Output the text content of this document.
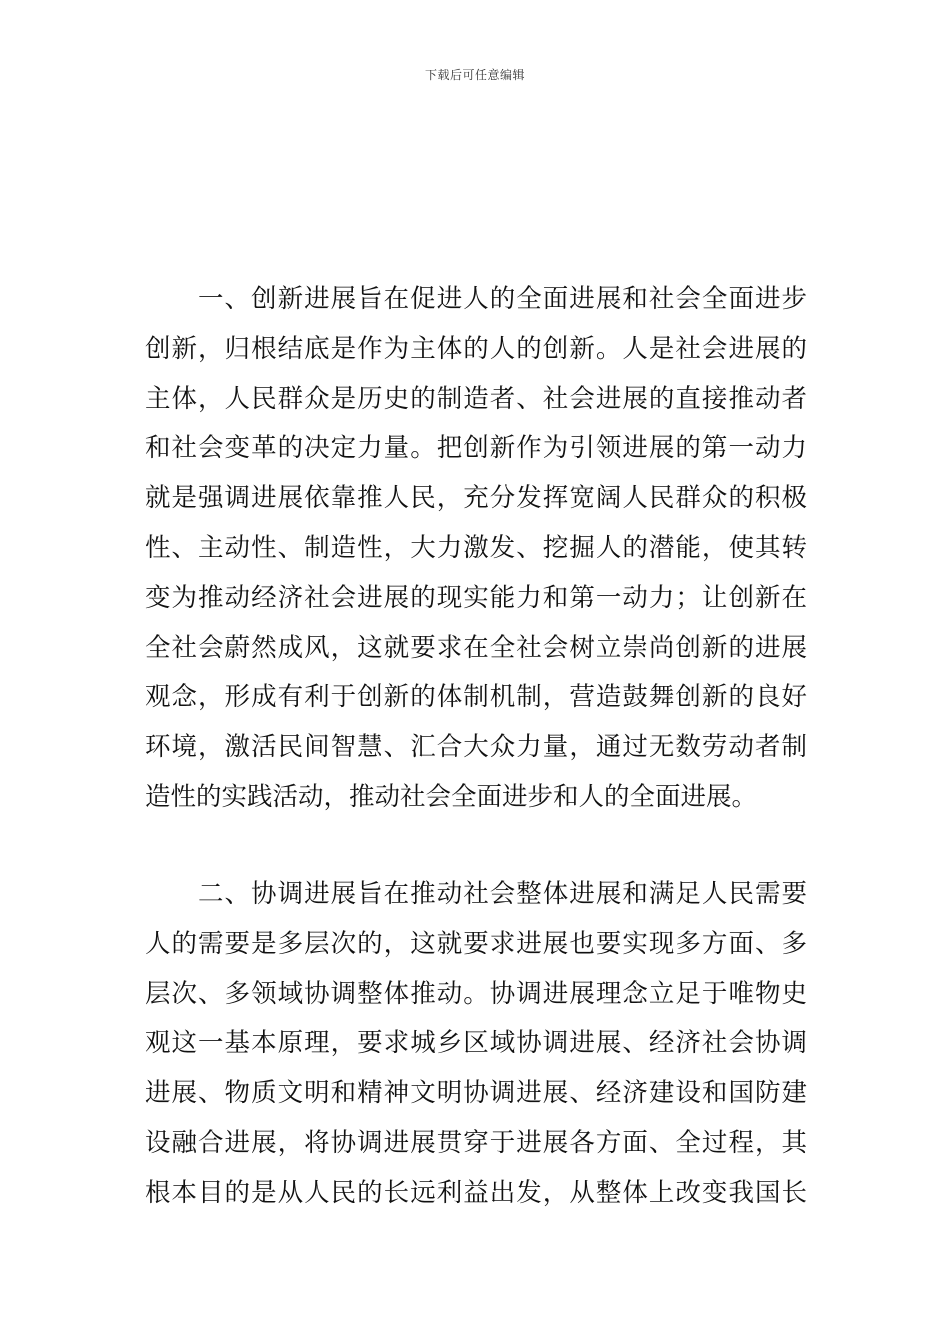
下载后可任意编辑

一、创新进展旨在促进人的全面进展和社会全面进步
创新，归根结底是作为主体的人的创新。人是社会进展的
主体，人民群众是历史的制造者、社会进展的直接推动者
和社会变革的决定力量。把创新作为引领进展的第一动力
就是强调进展依靠推人民，充分发挥宽阔人民群众的积极
性、主动性、制造性，大力激发、挖掘人的潜能，使其转
变为推动经济社会进展的现实能力和第一动力；让创新在
全社会蔚然成风，这就要求在全社会树立崇尚创新的进展
观念，形成有利于创新的体制机制，营造鼓舞创新的良好
环境，激活民间智慧、汇合大众力量，通过无数劳动者制
造性的实践活动，推动社会全面进步和人的全面进展。

二、协调进展旨在推动社会整体进展和满足人民需要
人的需要是多层次的，这就要求进展也要实现多方面、多
层次、多领域协调整体推动。协调进展理念立足于唯物史
观这一基本原理，要求城乡区域协调进展、经济社会协调
进展、物质文明和精神文明协调进展、经济建设和国防建
设融合进展，将协调进展贯穿于进展各方面、全过程，其
根本目的是从人民的长远利益出发，从整体上改变我国长
